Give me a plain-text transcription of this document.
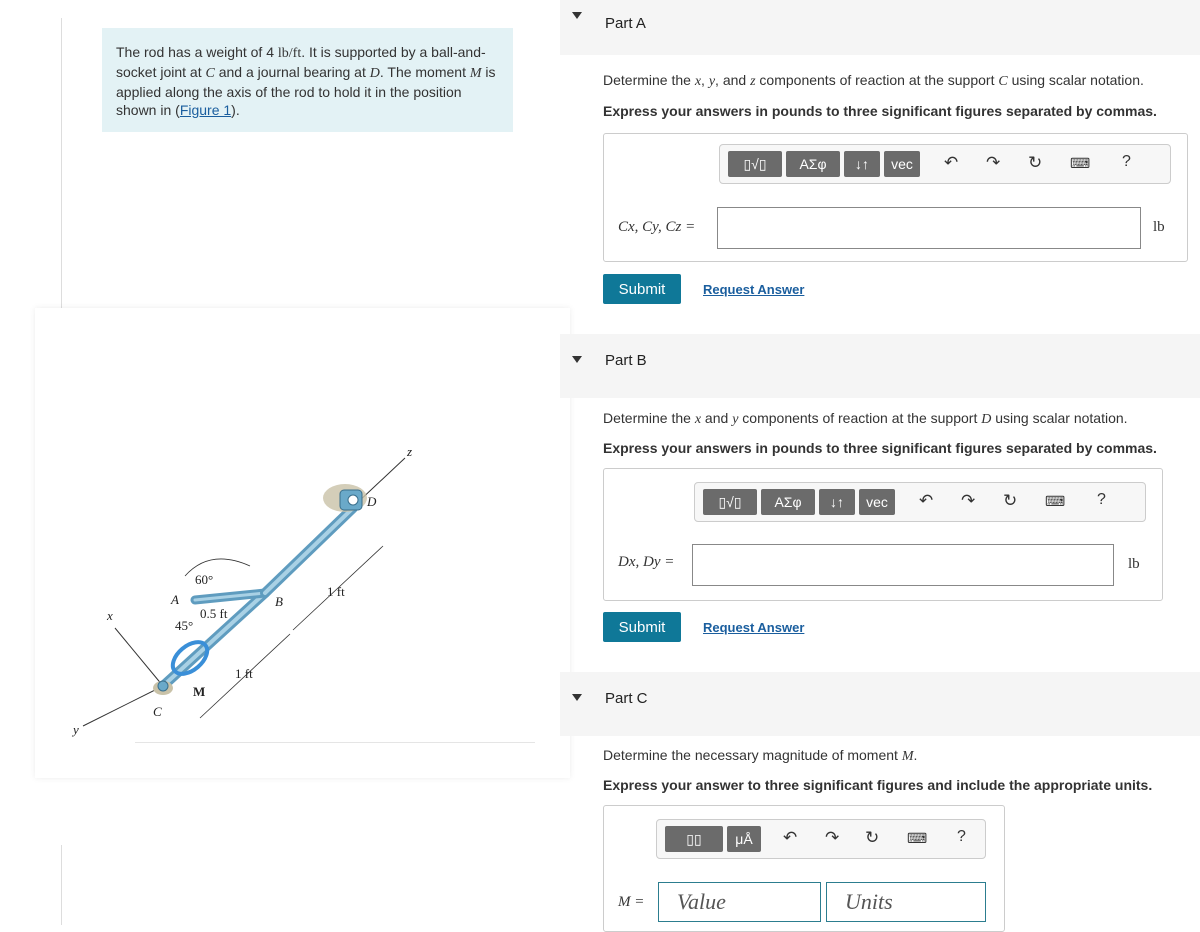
The rod has a weight of 4 lb/ft. It is supported by a ball-and-socket joint at C and a journal bearing at D. The moment M is applied along the axis of the rod to hold it in the position shown in (Figure 1).
z
x
y
D
C
M
A	B
60°
45°
0.5 ft
1 ft
1 ft
Part A
Determine the x, y, and z components of reaction at the support C using scalar notation.
Express your answers in pounds to three significant figures separated by commas.
▯√▯	ΑΣφ	↓↑	vec	↶ ↷ ↻ ⌨ ?
Cx, Cy, Cz =	lb
Submit	Request Answer
Part B
Determine the x and y components of reaction at the support D using scalar notation.
Express your answers in pounds to three significant figures separated by commas.
▯√▯	ΑΣφ	↓↑	vec	↶ ↷ ↻ ⌨ ?
Dx, Dy =	lb
Submit	Request Answer
Part C
Determine the necessary magnitude of moment M.
Express your answer to three significant figures and include the appropriate units.
▯▯	μÅ	↶ ↷ ↻ ⌨ ?
M =	Value	Units
